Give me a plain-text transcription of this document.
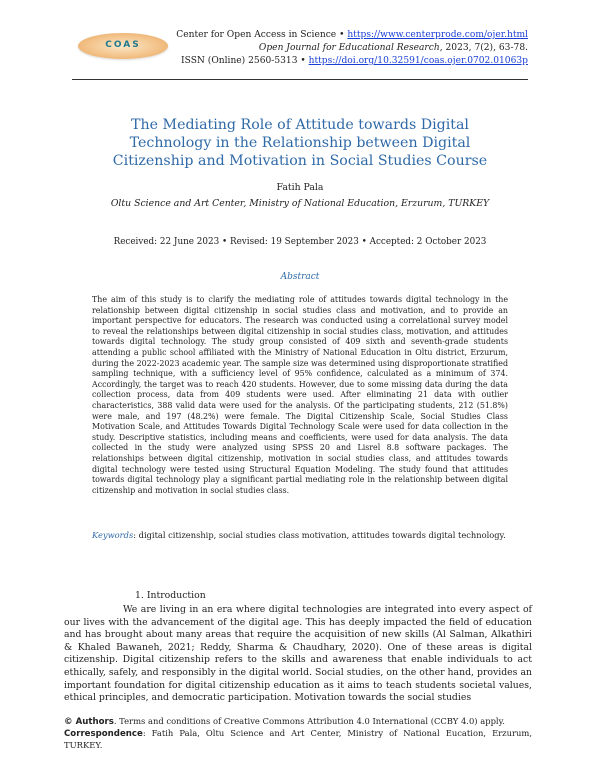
COAS
Center for Open Access in Science • https://www.centerprode.com/ojer.html
Open Journal for Educational Research, 2023, 7(2), 63-78.
ISSN (Online) 2560-5313 • https://doi.org/10.32591/coas.ojer.0702.01063p
The Mediating Role of Attitude towards Digital
Technology in the Relationship between Digital
Citizenship and Motivation in Social Studies Course
Fatih Pala
Oltu Science and Art Center, Ministry of National Education, Erzurum, TURKEY
Received: 22 June 2023 • Revised: 19 September 2023 • Accepted: 2 October 2023
Abstract

The aim of this study is to clarify the mediating role of attitudes towards digital technology in the relationship between digital citizenship in social studies class and motivation, and to provide an important perspective for educators. The research was conducted using a correlational survey model to reveal the relationships between digital citizenship in social studies class, motivation, and attitudes towards digital technology. The study group consisted of 409 sixth and seventh-grade students attending a public school affiliated with the Ministry of National Education in Oltu district, Erzurum, during the 2022-2023 academic year. The sample size was determined using disproportionate stratified sampling technique, with a sufficiency level of 95% confidence, calculated as a minimum of 374. Accordingly, the target was to reach 420 students. However, due to some missing data during the data collection process, data from 409 students were used. After eliminating 21 data with outlier characteristics, 388 valid data were used for the analysis. Of the participating students, 212 (51.8%) were male, and 197 (48.2%) were female. The Digital Citizenship Scale, Social Studies Class Motivation Scale, and Attitudes Towards Digital Technology Scale were used for data collection in the study. Descriptive statistics, including means and coefficients, were used for data analysis. The data collected in the study were analyzed using SPSS 20 and Lisrel 8.8 software packages. The relationships between digital citizenship, motivation in social studies class, and attitudes towards digital technology were tested using Structural Equation Modeling. The study found that attitudes towards digital technology play a significant partial mediating role in the relationship between digital citizenship and motivation in social studies class.

Keywords: digital citizenship, social studies class motivation, attitudes towards digital technology.

1. Introduction

We are living in an era where digital technologies are integrated into every aspect of our lives with the advancement of the digital age. This has deeply impacted the field of education and has brought about many areas that require the acquisition of new skills (Al Salman, Alkathiri & Khaled Bawaneh, 2021; Reddy, Sharma & Chaudhary, 2020). One of these areas is digital citizenship. Digital citizenship refers to the skills and awareness that enable individuals to act ethically, safely, and responsibly in the digital world. Social studies, on the other hand, provides an important foundation for digital citizenship education as it aims to teach students societal values, ethical principles, and democratic participation. Motivation towards the social studies

© Authors. Terms and conditions of Creative Commons Attribution 4.0 International (CCBY 4.0) apply.
Correspondence: Fatih Pala, Oltu Science and Art Center, Ministry of National Eucation, Erzurum, TURKEY.
